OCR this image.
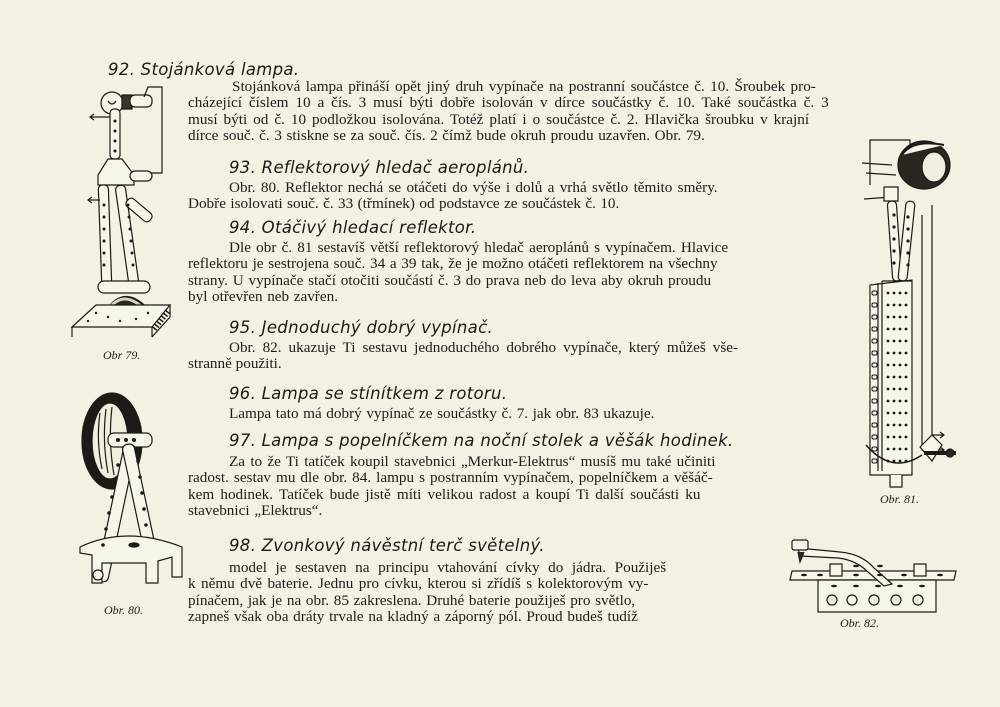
92. Stojánková lampa.
Stojánková lampa přináší opět jiný druh vypínače na postranní součástce č. 10. Šroubek pro-
cházející číslem 10 a čís. 3 musí býti dobře isolován v dírce součástky č. 10. Také součástka č. 3
musí býti od č. 10 podložkou isolována. Totéž platí i o součástce č. 2. Hlavička šroubku v krajní
dírce souč. č. 3 stiskne se za souč. čís. 2 čímž bude okruh proudu uzavřen. Obr. 79.
93. Reflektorový hledač aeroplánů.
Obr. 80. Reflektor nechá se otáčeti do výše i dolů a vrhá světlo těmito směry.
Dobře isolovati souč. č. 33 (třmínek) od podstavce ze součástek č. 10.
94. Otáčivý hledací reflektor.
Dle obr č. 81 sestavíš větší reflektorový hledač aeroplánů s vypínačem. Hlavice
reflektoru je sestrojena souč. 34 a 39 tak, že je možno otáčeti reflektorem na všechny
strany. U vypínače stačí otočiti součástí č. 3 do prava neb do leva aby okruh proudu
byl otřevřen neb zavřen.
95. Jednoduchý dobrý vypínač.
Obr. 82. ukazuje Ti sestavu jednoduchého dobrého vypínače, který můžeš vše-
stranně použiti.
96. Lampa se stínítkem z rotoru.
Lampa tato má dobrý vypínač ze součástky č. 7. jak obr. 83 ukazuje.
97. Lampa s popelníčkem na noční stolek a věšák hodinek.
Za to že Ti tatíček koupil stavebnici „Merkur-Elektrus“ musíš mu také učiniti
radost. sestav mu dle obr. 84. lampu s postranním vypínačem, popelníčkem a věšáč-
kem hodinek. Tatíček bude jistě míti velikou radost a koupí Ti další součásti ku
stavebnici „Elektrus“.
98. Zvonkový návěstní terč světelný.
model je sestaven na principu vtahování cívky do jádra. Použiješ
k němu dvě baterie. Jednu pro cívku, kterou si zřídíš s kolektorovým vy-
pínačem, jak je na obr. 85 zakreslena. Druhé baterie použiješ pro světlo,
zapneš však oba dráty trvale na kladný a záporný pól. Proud budeš tudíž
Obr 79.
Obr. 80.
Obr. 81.
Obr. 82.
